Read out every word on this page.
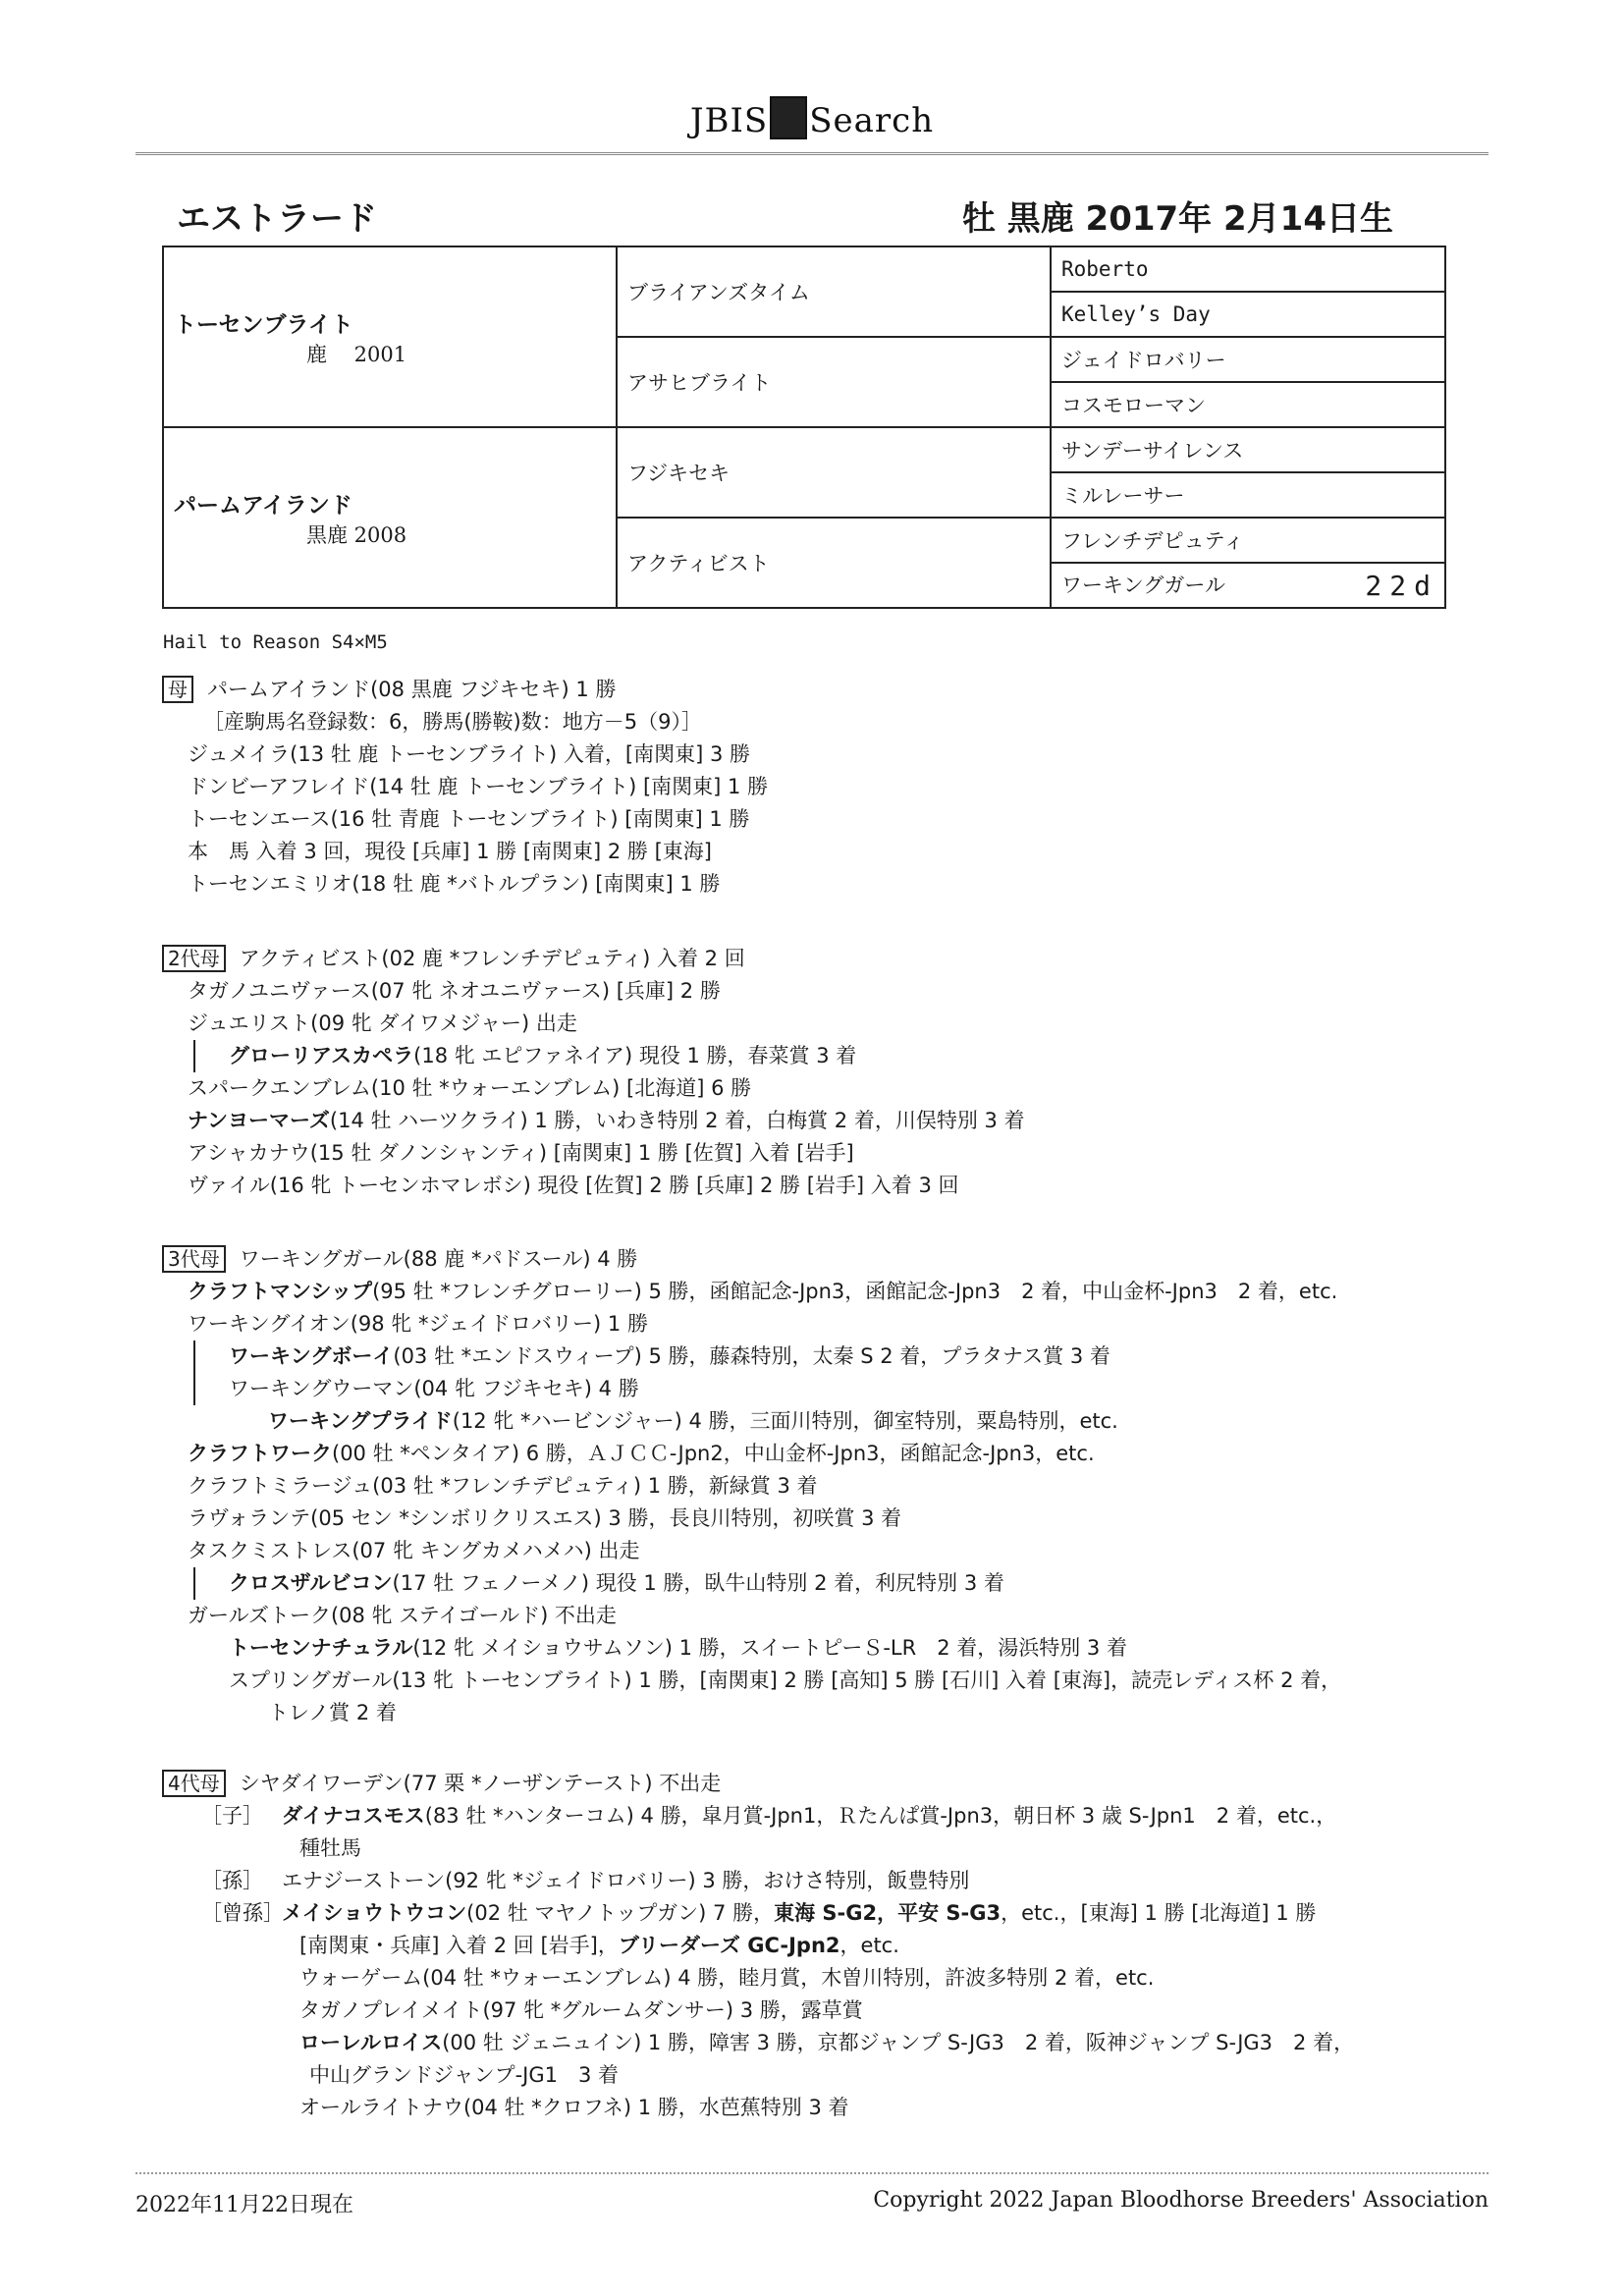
JBIS Search
エストラード	牡 黒鹿 2017年 2月14日生
トーセンブライト
鹿　 2001	ブライアンズタイム	Roberto
		Kelley’s Day
	アサヒブライト	ジェイドロバリー
		コスモローマン

パームアイランド
黒鹿 2008	フジキセキ	サンデーサイレンス
		ミルレーサー
	アクティビスト	フレンチデピュティ
		ワーキングガール 22d
Hail to Reason S4×M5
母 パームアイランド(08 黒鹿 フジキセキ) 1 勝
［産駒馬名登録数：6，勝馬(勝鞍)数：地方－5（9）］
ジュメイラ(13 牡 鹿 トーセンブライト) 入着，[南関東] 3 勝
ドンビーアフレイド(14 牡 鹿 トーセンブライト) [南関東] 1 勝
トーセンエース(16 牡 青鹿 トーセンブライト) [南関東] 1 勝
本　馬 入着 3 回，現役 [兵庫] 1 勝 [南関東] 2 勝 [東海]
トーセンエミリオ(18 牡 鹿 *バトルプラン) [南関東] 1 勝
2代母 アクティビスト(02 鹿 *フレンチデピュティ) 入着 2 回
タガノユニヴァース(07 牝 ネオユニヴァース) [兵庫] 2 勝
ジュエリスト(09 牝 ダイワメジャー) 出走
グローリアスカペラ(18 牝 エピファネイア) 現役 1 勝，春菜賞 3 着
スパークエンブレム(10 牡 *ウォーエンブレム) [北海道] 6 勝
ナンヨーマーズ(14 牡 ハーツクライ) 1 勝，いわき特別 2 着，白梅賞 2 着，川俣特別 3 着
アシャカナウ(15 牡 ダノンシャンティ) [南関東] 1 勝 [佐賀] 入着 [岩手]
ヴァイル(16 牝 トーセンホマレボシ) 現役 [佐賀] 2 勝 [兵庫] 2 勝 [岩手] 入着 3 回
3代母 ワーキングガール(88 鹿 *パドスール) 4 勝
クラフトマンシップ(95 牡 *フレンチグローリー) 5 勝，函館記念-Jpn3，函館記念-Jpn3　2 着，中山金杯-Jpn3　2 着，etc.
ワーキングイオン(98 牝 *ジェイドロバリー) 1 勝
ワーキングボーイ(03 牡 *エンドスウィープ) 5 勝，藤森特別，太秦 S 2 着，プラタナス賞 3 着
ワーキングウーマン(04 牝 フジキセキ) 4 勝
ワーキングプライド(12 牝 *ハービンジャー) 4 勝，三面川特別，御室特別，粟島特別，etc.
クラフトワーク(00 牡 *ペンタイア) 6 勝，ＡＪＣＣ-Jpn2，中山金杯-Jpn3，函館記念-Jpn3，etc.
クラフトミラージュ(03 牡 *フレンチデピュティ) 1 勝，新緑賞 3 着
ラヴォランテ(05 セン *シンボリクリスエス) 3 勝，長良川特別，初咲賞 3 着
タスクミストレス(07 牝 キングカメハメハ) 出走
クロスザルビコン(17 牡 フェノーメノ) 現役 1 勝，臥牛山特別 2 着，利尻特別 3 着
ガールズトーク(08 牝 ステイゴールド) 不出走
トーセンナチュラル(12 牝 メイショウサムソン) 1 勝，スイートピーＳ-LR　2 着，湯浜特別 3 着
スプリングガール(13 牝 トーセンブライト) 1 勝，[南関東] 2 勝 [高知] 5 勝 [石川] 入着 [東海]，読売レディス杯 2 着，
トレノ賞 2 着
4代母 シヤダイワーデン(77 栗 *ノーザンテースト) 不出走
［子］ ダイナコスモス(83 牡 *ハンターコム) 4 勝，皐月賞-Jpn1，Ｒたんぱ賞-Jpn3，朝日杯 3 歳 S-Jpn1　2 着，etc.，
種牡馬
［孫］ エナジーストーン(92 牝 *ジェイドロバリー) 3 勝，おけさ特別，飯豊特別
［曾孫］メイショウトウコン(02 牡 マヤノトップガン) 7 勝，東海 S-G2，平安 S-G3，etc.，[東海] 1 勝 [北海道] 1 勝
[南関東・兵庫] 入着 2 回 [岩手]，ブリーダーズ GC-Jpn2，etc.
ウォーゲーム(04 牡 *ウォーエンブレム) 4 勝，睦月賞，木曽川特別，許波多特別 2 着，etc.
タガノプレイメイト(97 牝 *グルームダンサー) 3 勝，露草賞
ローレルロイス(00 牡 ジェニュイン) 1 勝，障害 3 勝，京都ジャンプ S-JG3　2 着，阪神ジャンプ S-JG3　2 着，
中山グランドジャンプ-JG1　3 着
オールライトナウ(04 牡 *クロフネ) 1 勝，水芭蕉特別 3 着
2022年11月22日現在	Copyright 2022 Japan Bloodhorse Breeders' Association
